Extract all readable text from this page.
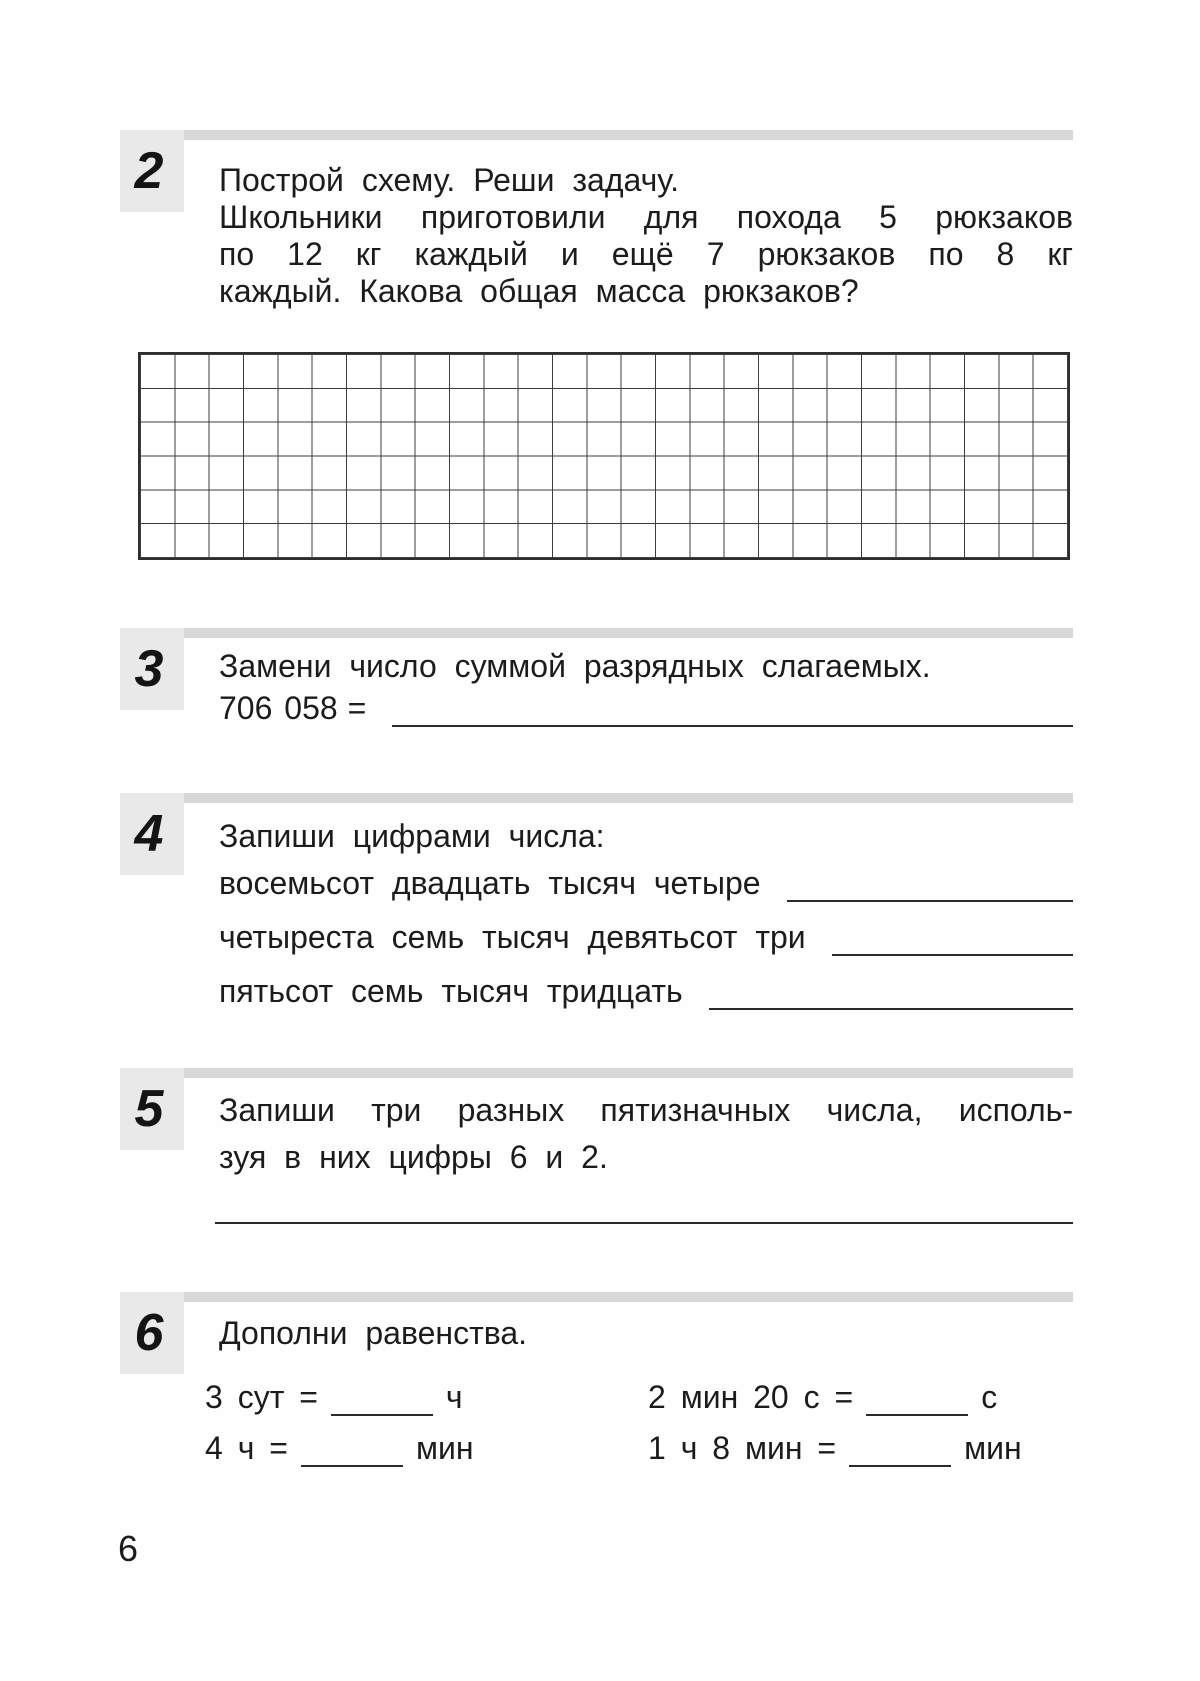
2 Построй схему. Реши задачу.
Школьники приготовили для похода 5 рюкзаков
по 12 кг каждый и ещё 7 рюкзаков по 8 кг
каждый. Какова общая масса рюкзаков?
3 Замени число суммой разрядных слагаемых.
706 058 =
4 Запиши цифрами числа:
восемьсот двадцать тысяч четыре
четыреста семь тысяч девятьсот три
пятьсот семь тысяч тридцать
5 Запиши три разных пятизначных числа, исполь-
зуя в них цифры 6 и 2.
6 Дополни равенства.
3 сут =	ч	2 мин 20 с =	с
4 ч =	мин	1 ч 8 мин =	мин
6
